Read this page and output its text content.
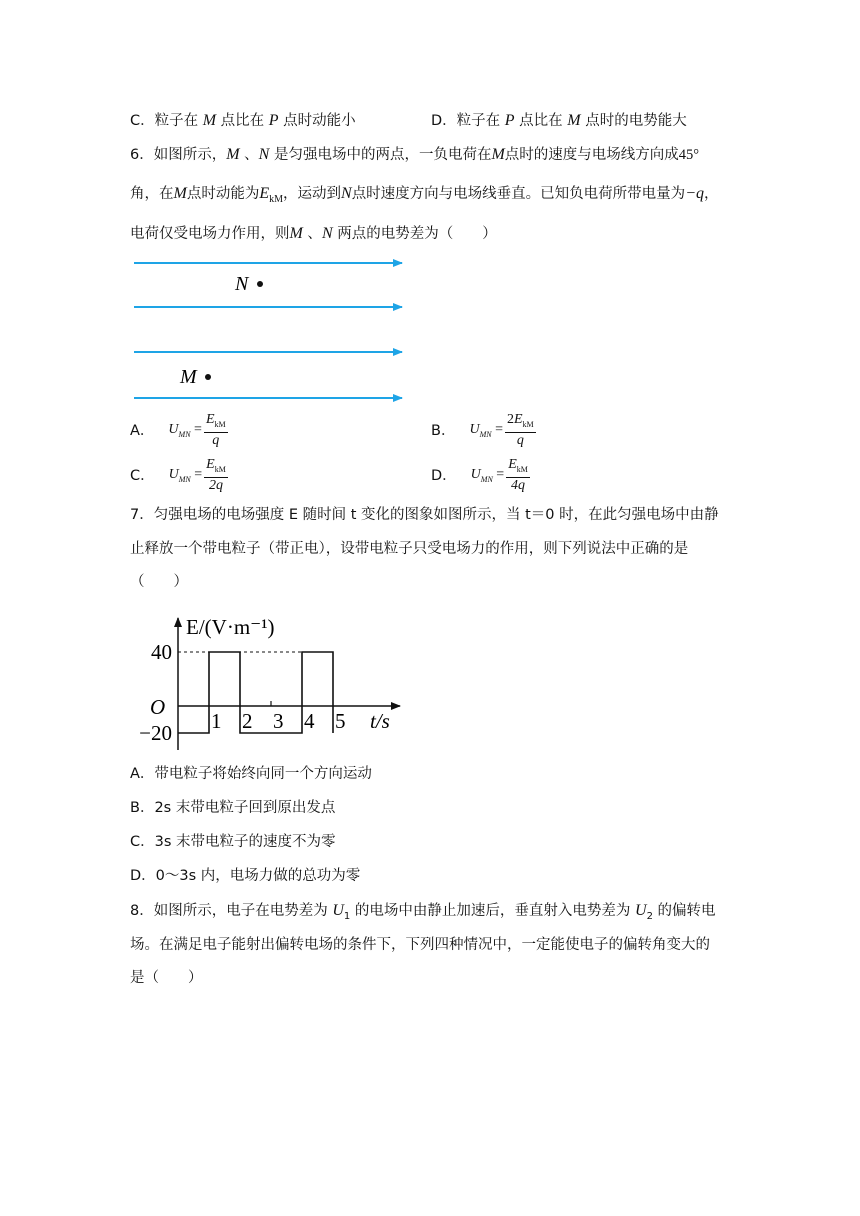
C．粒子在 M 点比在 P 点时动能小	D．粒子在 P 点比在 M 点时的电势能大
6．如图所示，M 、N 是匀强电场中的两点，一负电荷在M点时的速度与电场线方向成45°
角，在M点时动能为$E_{kM}$，运动到N点时速度方向与电场线垂直。已知负电荷所带电量为−q，
电荷仅受电场力作用，则M 、N 两点的电势差为（　　）
N
M
A． $U_{MN} = \frac{E_{kM}}{q}$	B． $U_{MN} = \frac{2E_{kM}}{q}$
C． $U_{MN} = \frac{E_{kM}}{2q}$	D． $U_{MN} = \frac{E_{kM}}{4q}$
7．匀强电场的电场强度 E 随时间 t 变化的图象如图所示，当 t＝0 时，在此匀强电场中由静
止释放一个带电粒子（带正电），设带电粒子只受电场力的作用，则下列说法中正确的是
（　　）
E/(V·m⁻¹)
t/s
O
40
−20 1 2 3 4 5
A．带电粒子将始终向同一个方向运动
B．2s 末带电粒子回到原出发点
C．3s 末带电粒子的速度不为零
D．0～3s 内，电场力做的总功为零
8．如图所示，电子在电势差为 $U_1$ 的电场中由静止加速后，垂直射入电势差为 $U_2$ 的偏转电
场。在满足电子能射出偏转电场的条件下，下列四种情况中，一定能使电子的偏转角变大的
是（　　）
